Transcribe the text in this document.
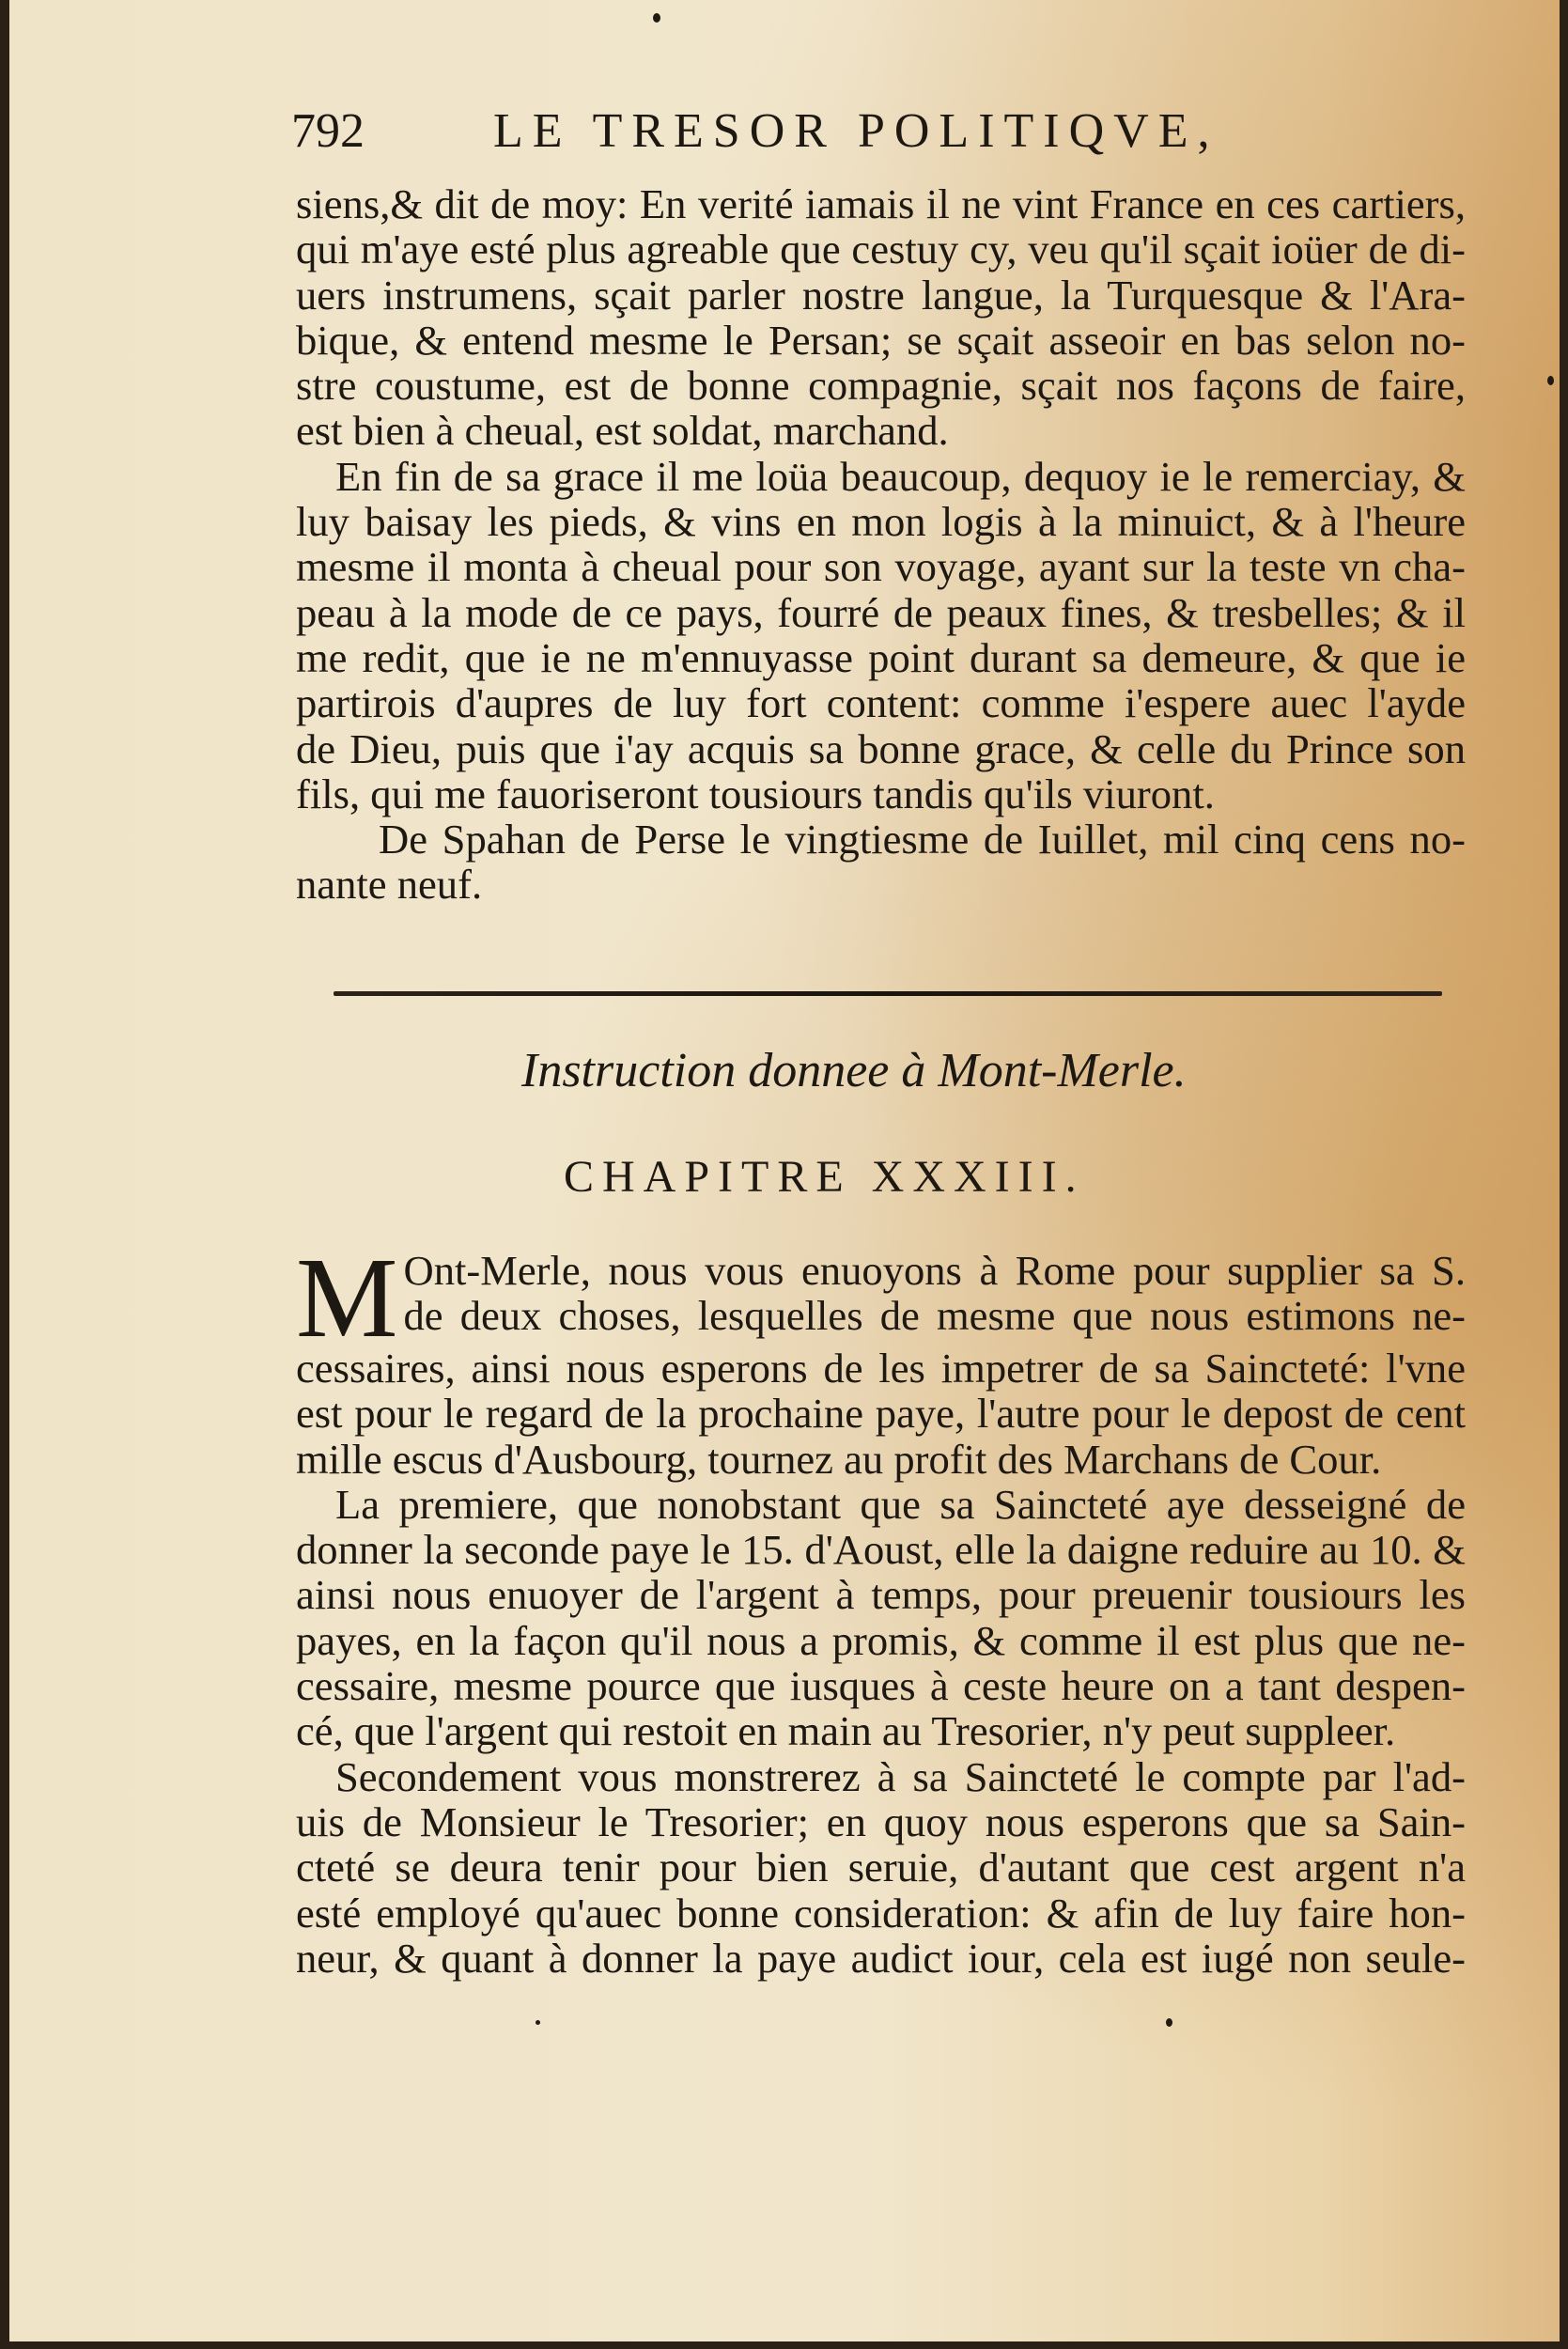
792	LE TRESOR POLITIQVE,
siens,& dit de moy: En verité iamais il ne vint France en ces cartiers,
qui m'aye esté plus agreable que cestuy cy, veu qu'il sçait ioüer de di-
uers instrumens, sçait parler nostre langue, la Turquesque & l'Ara-
bique, & entend mesme le Persan; se sçait asseoir en bas selon no-
stre coustume, est de bonne compagnie, sçait nos façons de faire,
est bien à cheual, est soldat, marchand.
En fin de sa grace il me loüa beaucoup, dequoy ie le remerciay, &
luy baisay les pieds, & vins en mon logis à la minuict, & à l'heure
mesme il monta à cheual pour son voyage, ayant sur la teste vn cha-
peau à la mode de ce pays, fourré de peaux fines, & tresbelles; & il
me redit, que ie ne m'ennuyasse point durant sa demeure, & que ie
partirois d'aupres de luy fort content: comme i'espere auec l'ayde
de Dieu, puis que i'ay acquis sa bonne grace, & celle du Prince son
fils, qui me fauoriseront tousiours tandis qu'ils viuront.
De Spahan de Perse le vingtiesme de Iuillet, mil cinq cens no-
nante neuf.
Instruction donnee à Mont-Merle.
CHAPITRE XXXIII.
M Ont-Merle, nous vous enuoyons à Rome pour supplier sa S.
de deux choses, lesquelles de mesme que nous estimons ne-
cessaires, ainsi nous esperons de les impetrer de sa Saincteté: l'vne
est pour le regard de la prochaine paye, l'autre pour le depost de cent
mille escus d'Ausbourg, tournez au profit des Marchans de Cour.
La premiere, que nonobstant que sa Saincteté aye desseigné de
donner la seconde paye le 15. d'Aoust, elle la daigne reduire au 10. &
ainsi nous enuoyer de l'argent à temps, pour preuenir tousiours les
payes, en la façon qu'il nous a promis, & comme il est plus que ne-
cessaire, mesme pource que iusques à ceste heure on a tant despen-
cé, que l'argent qui restoit en main au Tresorier, n'y peut suppleer.
Secondement vous monstrerez à sa Saincteté le compte par l'ad-
uis de Monsieur le Tresorier; en quoy nous esperons que sa Sain-
cteté se deura tenir pour bien seruie, d'autant que cest argent n'a
esté employé qu'auec bonne consideration: & afin de luy faire hon-
neur, & quant à donner la paye audict iour, cela est iugé non seule-
